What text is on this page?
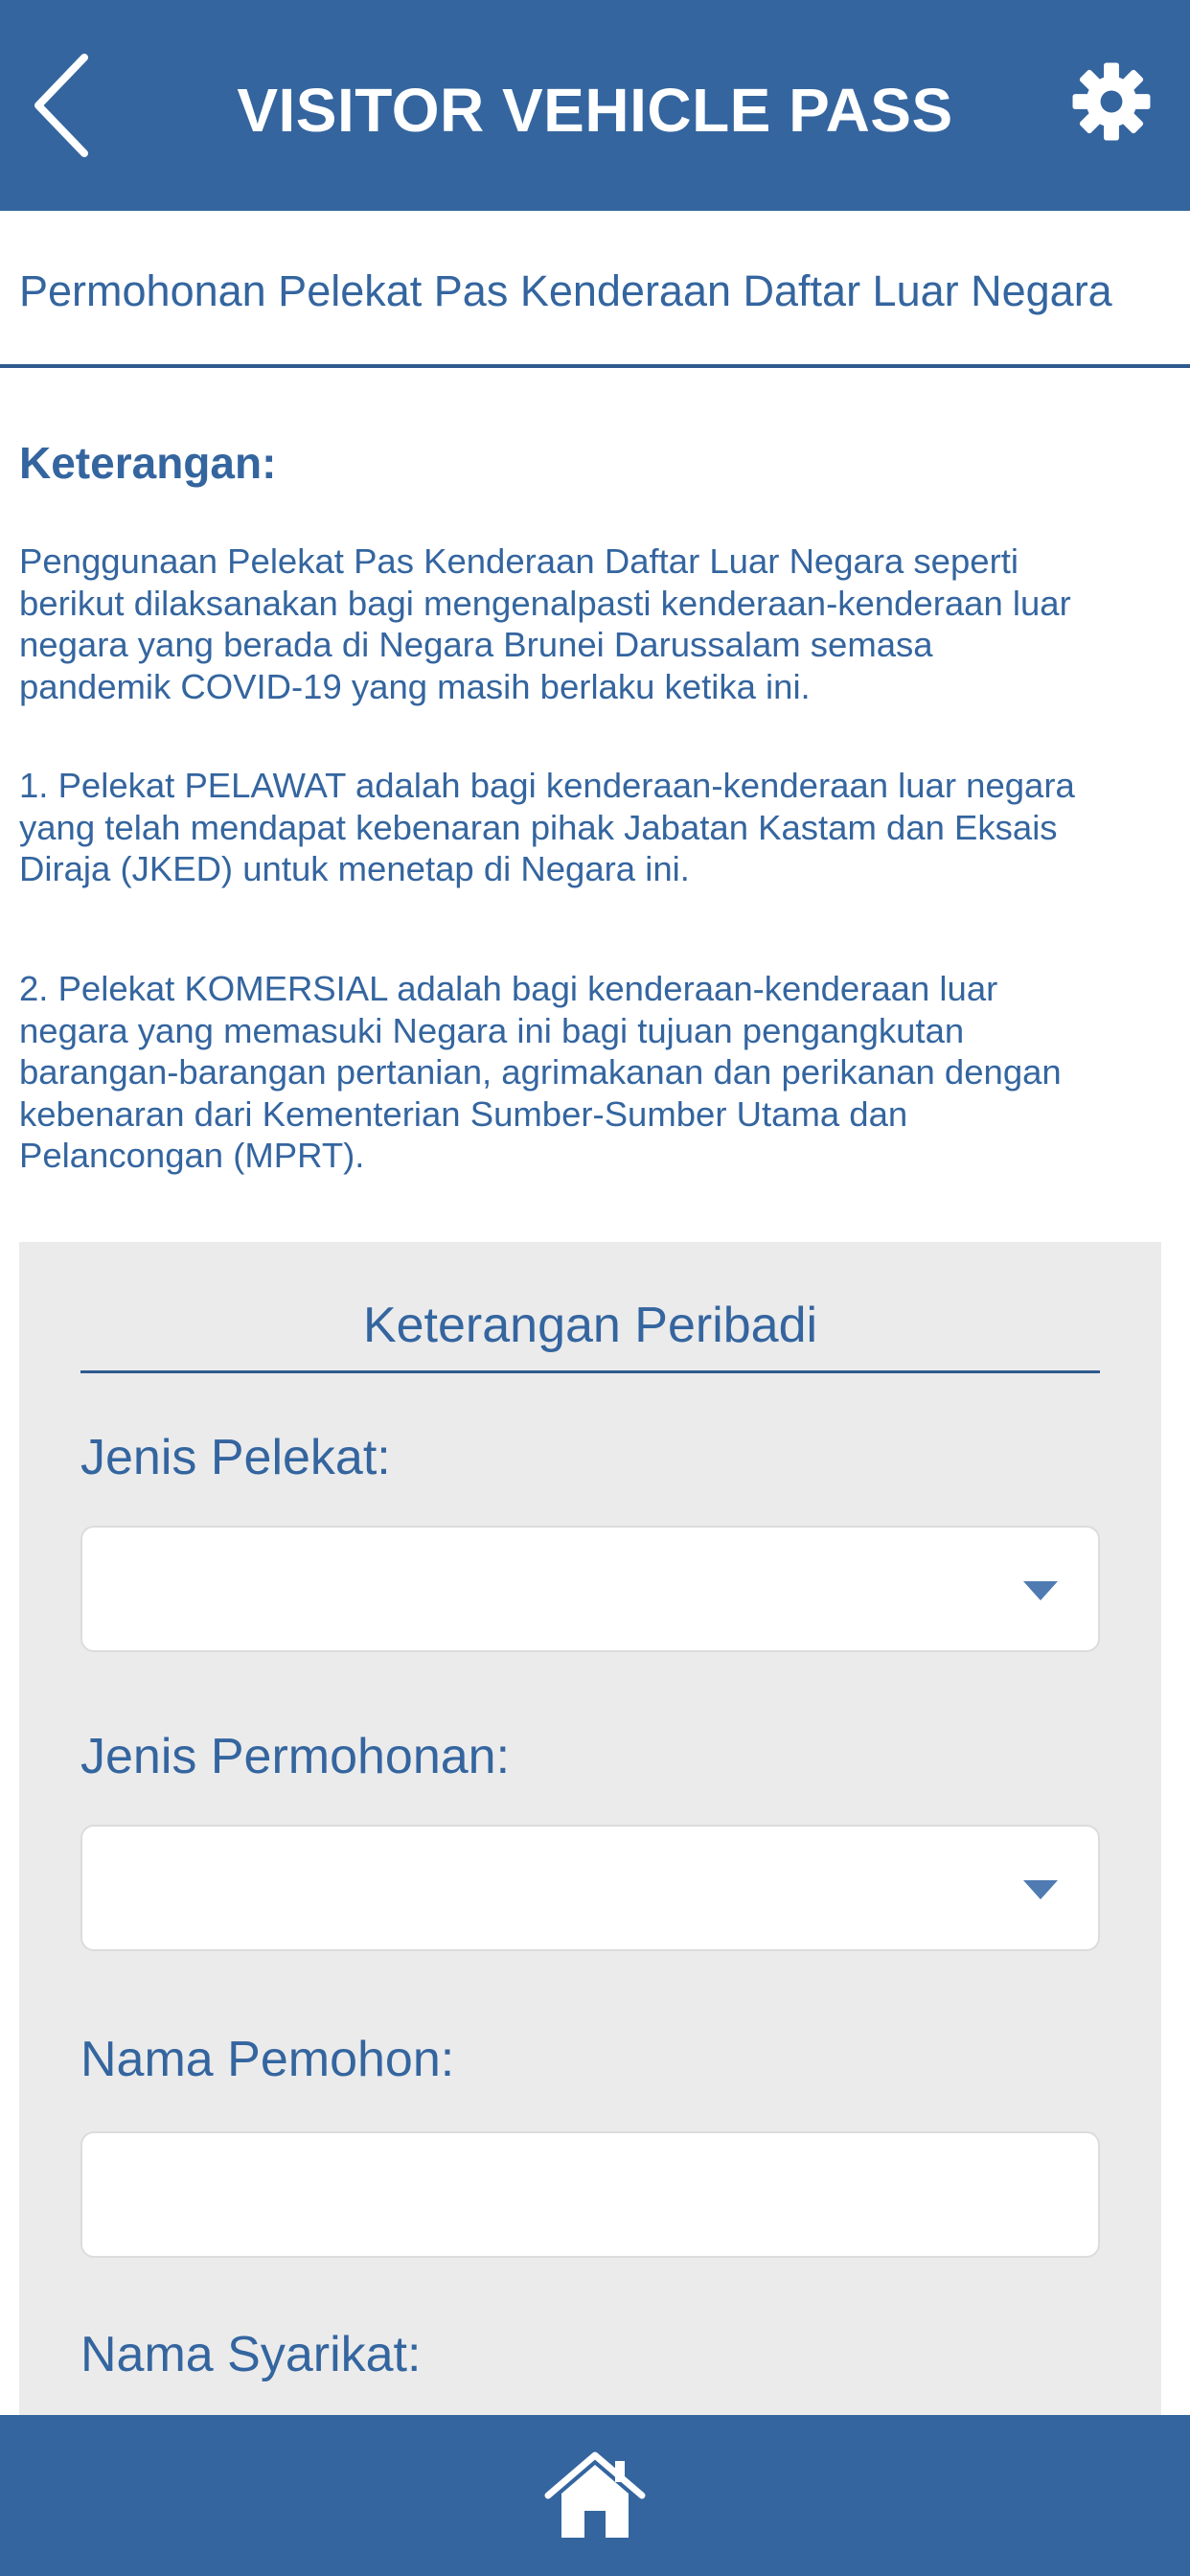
VISITOR VEHICLE PASS
Permohonan Pelekat Pas Kenderaan Daftar Luar Negara
Keterangan:
Penggunaan Pelekat Pas Kenderaan Daftar Luar Negara seperti
berikut dilaksanakan bagi mengenalpasti kenderaan-kenderaan luar
negara yang berada di Negara Brunei Darussalam semasa
pandemik COVID-19 yang masih berlaku ketika ini.
1. Pelekat PELAWAT adalah bagi kenderaan-kenderaan luar negara
yang telah mendapat kebenaran pihak Jabatan Kastam dan Eksais
Diraja (JKED) untuk menetap di Negara ini.
2. Pelekat KOMERSIAL adalah bagi kenderaan-kenderaan luar
negara yang memasuki Negara ini bagi tujuan pengangkutan
barangan-barangan pertanian, agrimakanan dan perikanan dengan
kebenaran dari Kementerian Sumber-Sumber Utama dan
Pelancongan (MPRT).
Keterangan Peribadi
Jenis Pelekat:
Jenis Permohonan:
Nama Pemohon:
Nama Syarikat:
